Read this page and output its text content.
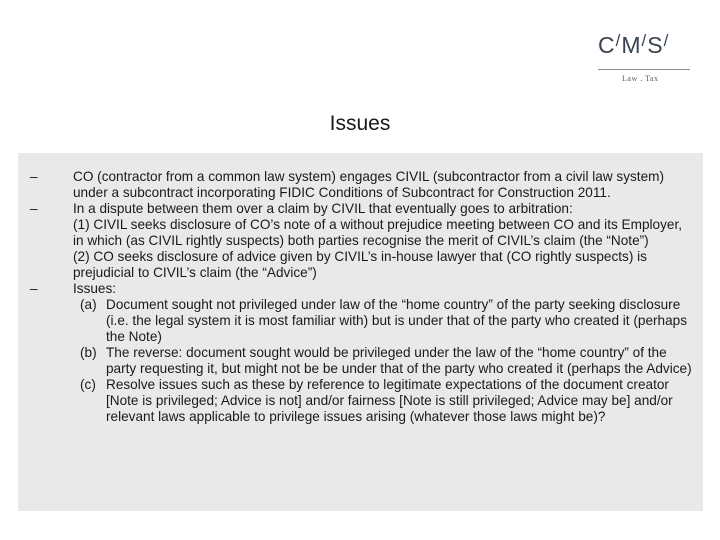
C/M/S/
Law . Tax
Issues
–	CO (contractor from a common law system) engages CIVIL (subcontractor from a civil law system) under a subcontract incorporating FIDIC Conditions of Subcontract for Construction 2011.
–	In a dispute between them over a claim by CIVIL that eventually goes to arbitration:
(1) CIVIL seeks disclosure of CO’s note of a without prejudice meeting between CO and its Employer, in which (as CIVIL rightly suspects) both parties recognise the merit of CIVIL’s claim (the “Note”)
(2) CO seeks disclosure of advice given by CIVIL’s in-house lawyer that (CO rightly suspects) is prejudicial to CIVIL’s claim (the “Advice”)
–	Issues:
(a) Document sought not privileged under law of the “home country” of the party seeking disclosure (i.e. the legal system it is most familiar with) but is under that of the party who created it (perhaps the Note)
(b) The reverse: document sought would be privileged under the law of the “home country” of the party requesting it, but might not be be under that of the party who created it (perhaps the Advice)
(c) Resolve issues such as these by reference to legitimate expectations of the document creator [Note is privileged; Advice is not] and/or fairness [Note is still privileged; Advice may be] and/or relevant laws applicable to privilege issues arising (whatever those laws might be)?
